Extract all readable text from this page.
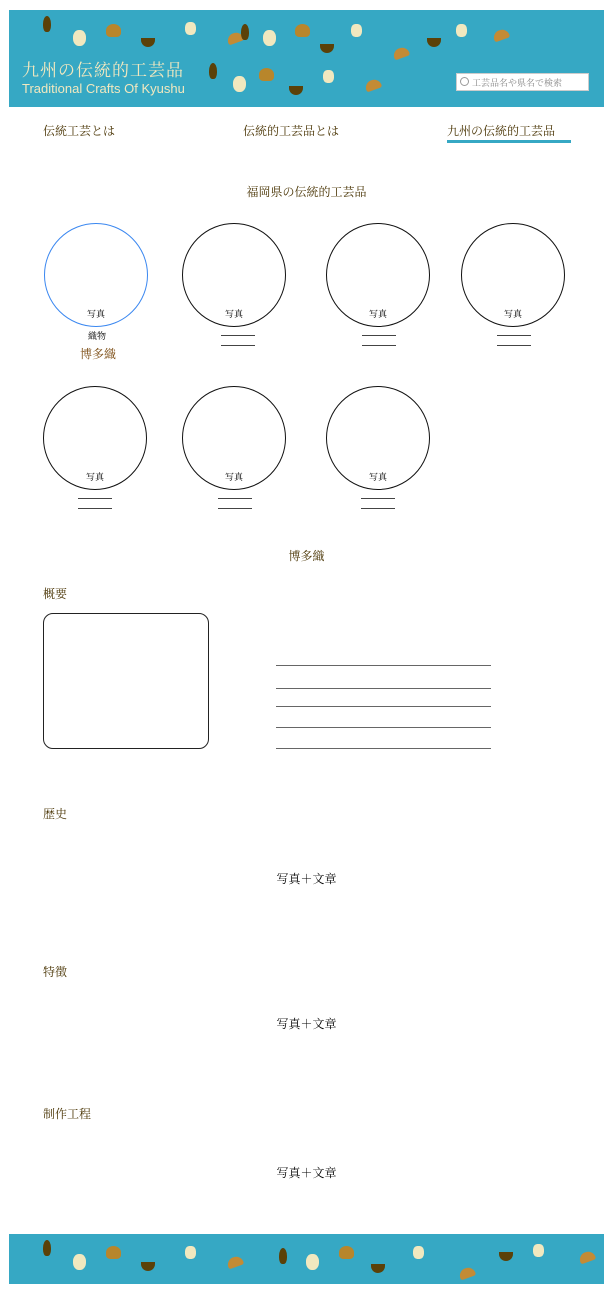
九州の伝統的工芸品
Traditional Crafts Of Kyushu	工芸品名や県名で検索
伝統工芸とは	伝統的工芸品とは	九州の伝統的工芸品
福岡県の伝統的工芸品
写真
織物
博多織
写真	写真	写真
写真	写真	写真
博多織
概要
歴史
写真＋文章
特徴
写真＋文章
制作工程
写真＋文章
